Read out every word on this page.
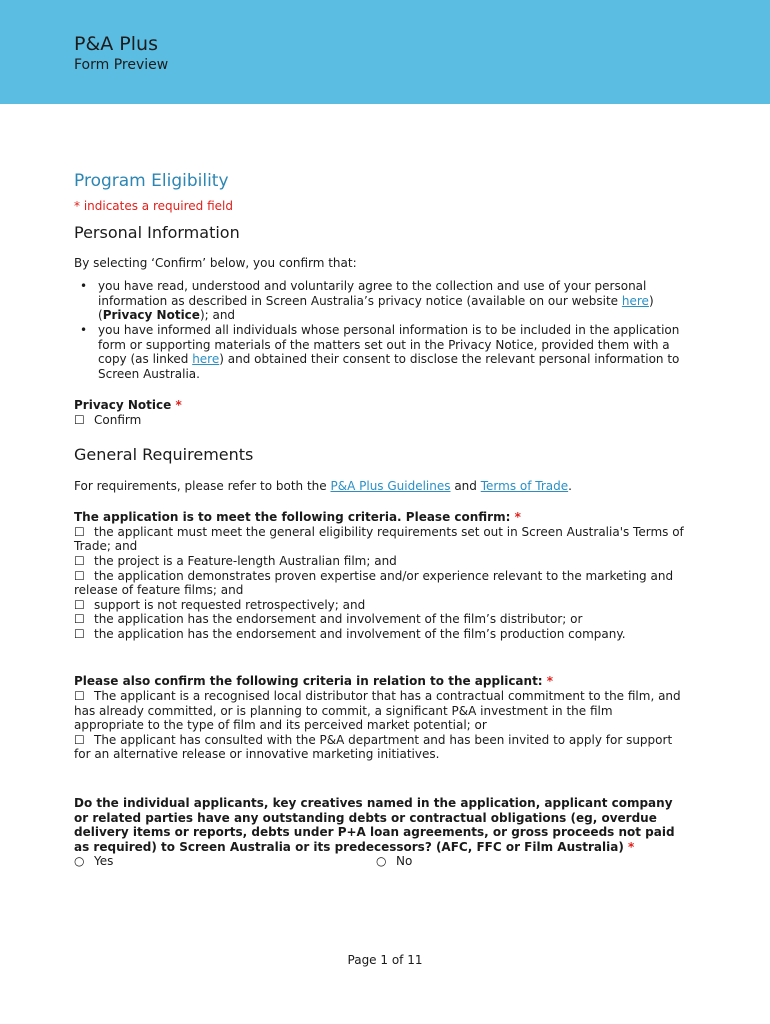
P&A Plus
Form Preview
Program Eligibility
* indicates a required field
Personal Information

By selecting ‘Confirm’ below, you confirm that:

• you have read, understood and voluntarily agree to the collection and use of your personal information as described in Screen Australia’s privacy notice (available on our website here) (Privacy Notice); and
• you have informed all individuals whose personal information is to be included in the application form or supporting materials of the matters set out in the Privacy Notice, provided them with a copy (as linked here) and obtained their consent to disclose the relevant personal information to Screen Australia.

Privacy Notice *

☐ Confirm

General Requirements

For requirements, please refer to both the P&A Plus Guidelines and Terms of Trade.

The application is to meet the following criteria. Please confirm: *

☐ the applicant must meet the general eligibility requirements set out in Screen Australia's Terms of Trade; and

☐ the project is a Feature-length Australian film; and

☐ the application demonstrates proven expertise and/or experience relevant to the marketing and release of feature films; and

☐ support is not requested retrospectively; and

☐ the application has the endorsement and involvement of the film’s distributor; or

☐ the application has the endorsement and involvement of the film’s production company.

Please also confirm the following criteria in relation to the applicant: *

☐ The applicant is a recognised local distributor that has a contractual commitment to the film, and has already committed, or is planning to commit, a significant P&A investment in the film appropriate to the type of film and its perceived market potential; or

☐ The applicant has consulted with the P&A department and has been invited to apply for support for an alternative release or innovative marketing initiatives.

Do the individual applicants, key creatives named in the application, applicant company or related parties have any outstanding debts or contractual obligations (eg, overdue delivery items or reports, debts under P+A loan agreements, or gross proceeds not paid as required) to Screen Australia or its predecessors? (AFC, FFC or Film Australia) *

○ Yes	○ No
Page 1 of 11
